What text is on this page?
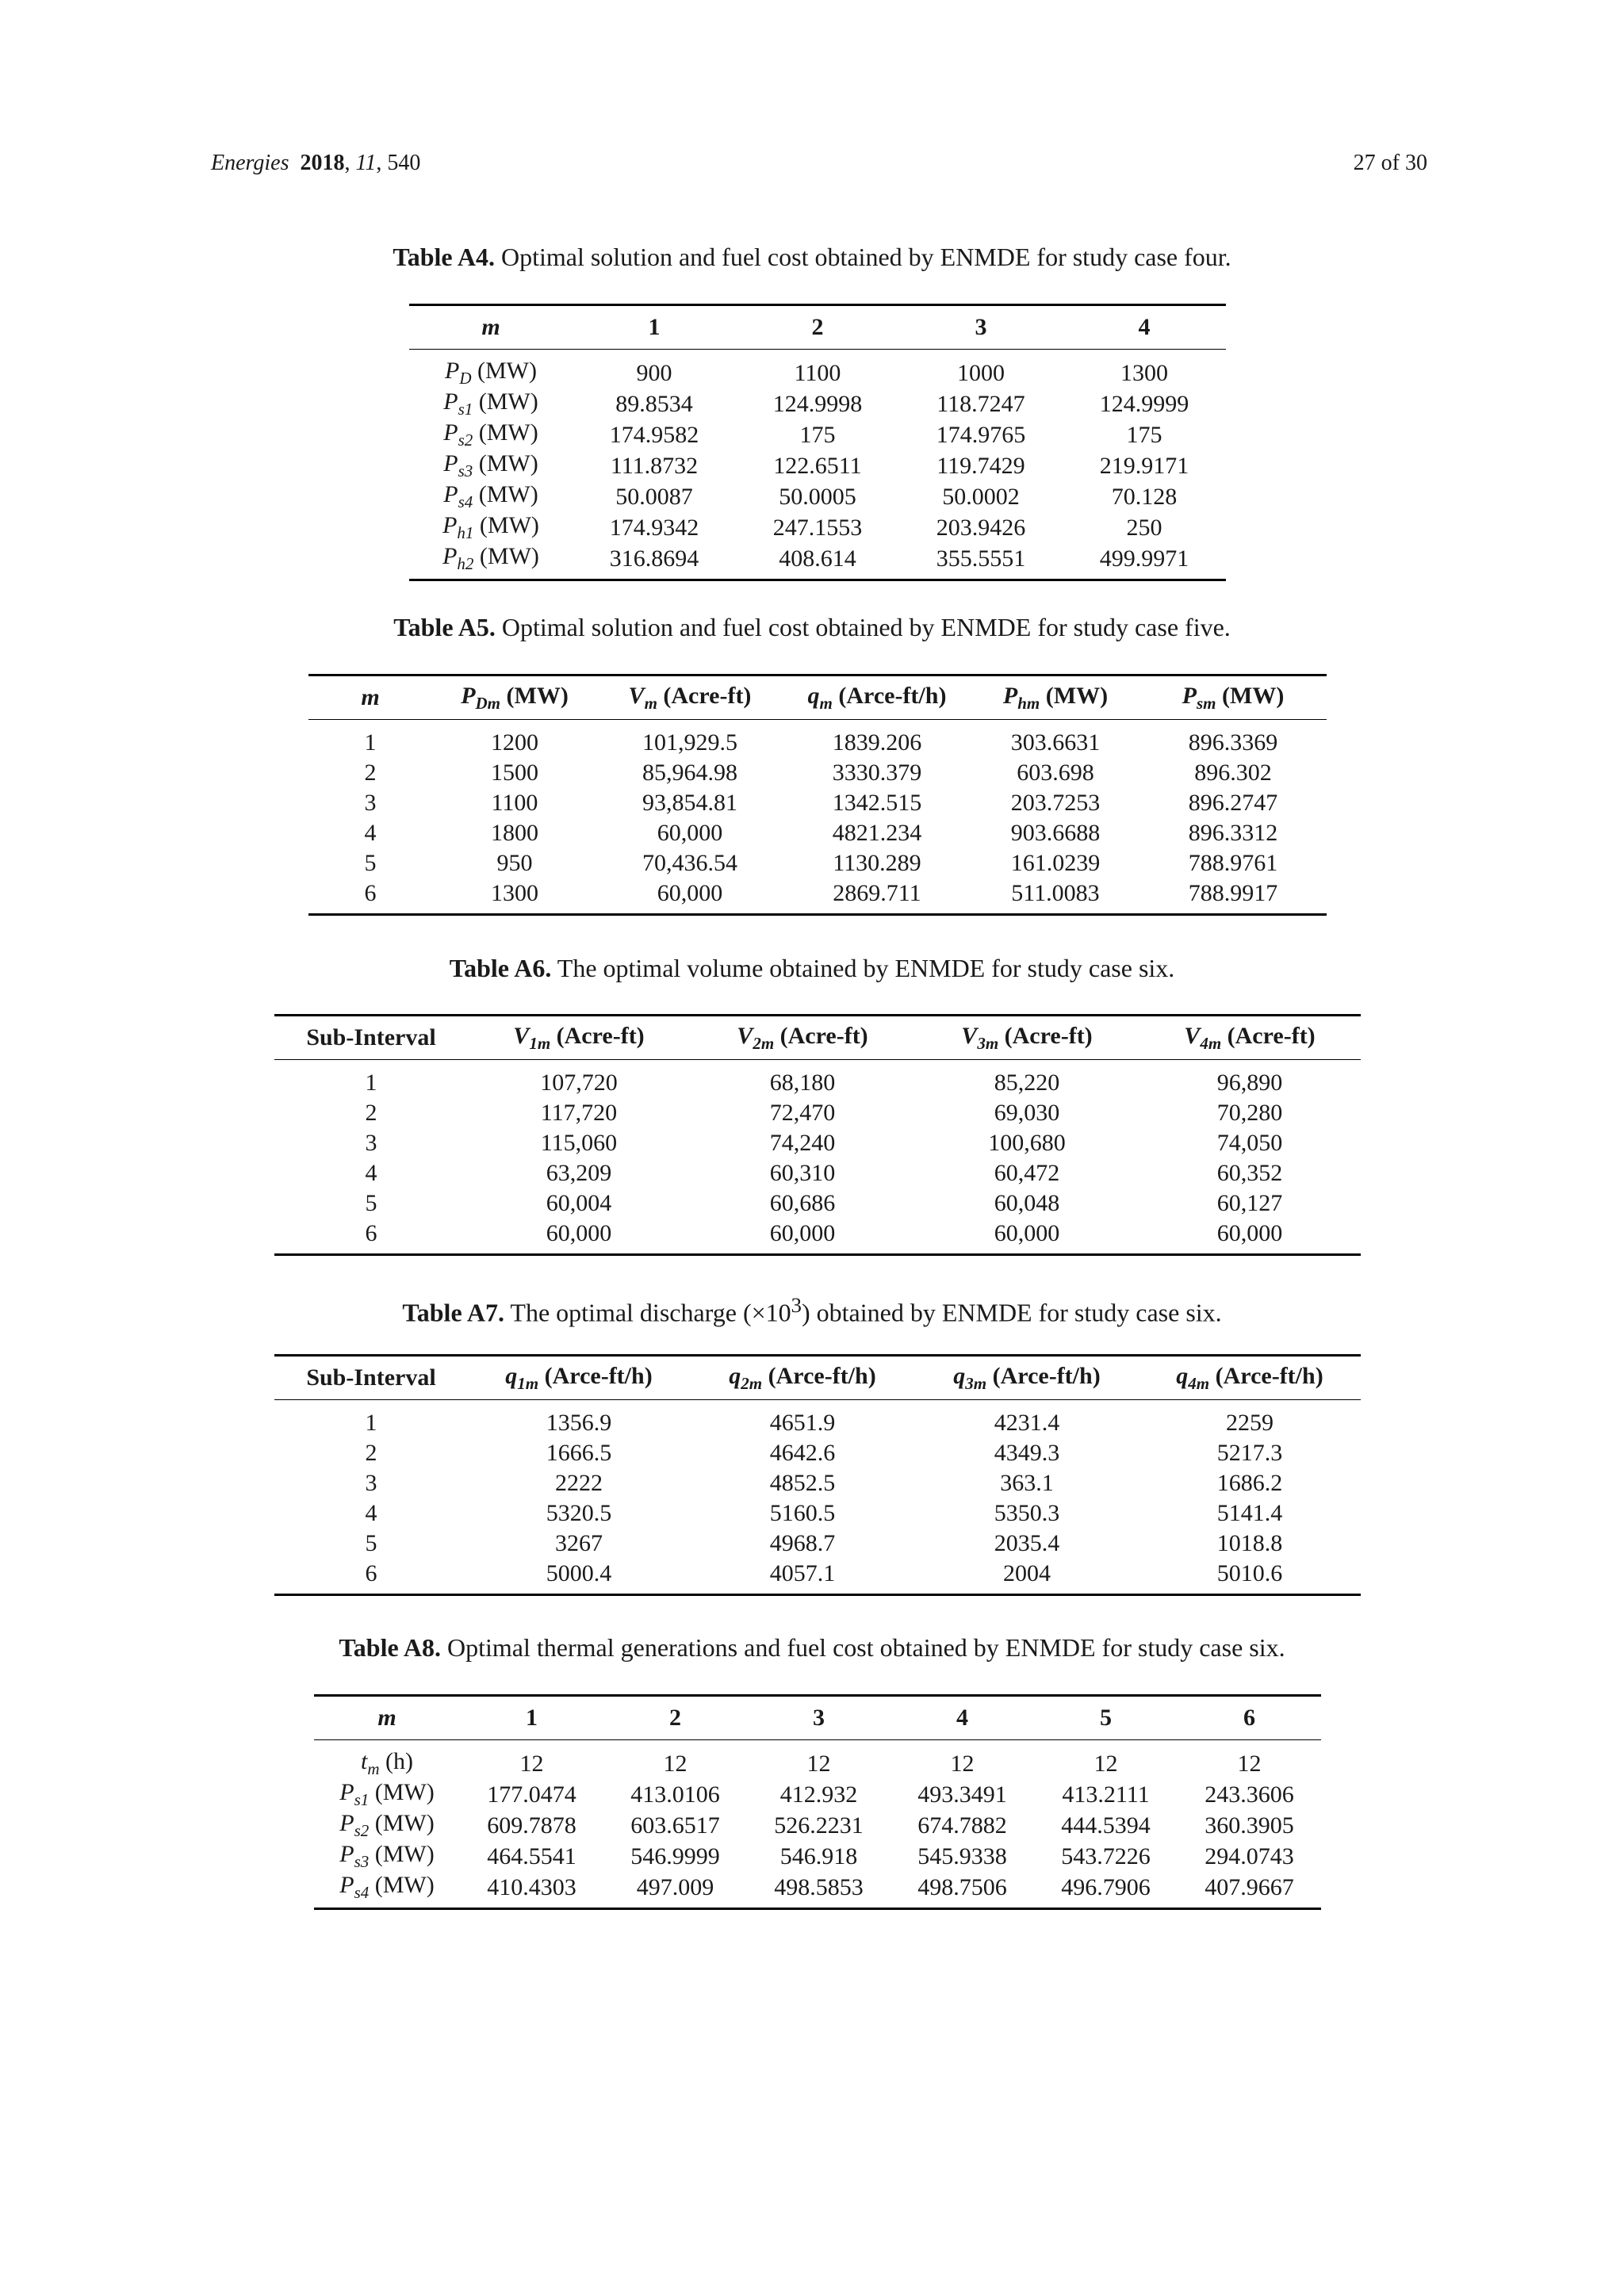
Energies 2018, 11, 540	27 of 30
Table A4. Optimal solution and fuel cost obtained by ENMDE for study case four.
m	1	2	3	4
$P_D$ (MW)	900	1100	1000	1300
$P_{s1}$ (MW)	89.8534	124.9998	118.7247	124.9999
$P_{s2}$ (MW)	174.9582	175	174.9765	175
$P_{s3}$ (MW)	111.8732	122.6511	119.7429	219.9171
$P_{s4}$ (MW)	50.0087	50.0005	50.0002	70.128
$P_{h1}$ (MW)	174.9342	247.1553	203.9426	250
$P_{h2}$ (MW)	316.8694	408.614	355.5551	499.9971
Table A5. Optimal solution and fuel cost obtained by ENMDE for study case five.
m	$P_{Dm}$ (MW)	$V_m$ (Acre-ft)	$q_m$ (Arce-ft/h)	$P_{hm}$ (MW)	$P_{sm}$ (MW)
1	1200	101,929.5	1839.206	303.6631	896.3369
2	1500	85,964.98	3330.379	603.698	896.302
3	1100	93,854.81	1342.515	203.7253	896.2747
4	1800	60,000	4821.234	903.6688	896.3312
5	950	70,436.54	1130.289	161.0239	788.9761
6	1300	60,000	2869.711	511.0083	788.9917
Table A6. The optimal volume obtained by ENMDE for study case six.
Sub-Interval	$V_{1m}$ (Acre-ft)	$V_{2m}$ (Acre-ft)	$V_{3m}$ (Acre-ft)	$V_{4m}$ (Acre-ft)
1	107,720	68,180	85,220	96,890
2	117,720	72,470	69,030	70,280
3	115,060	74,240	100,680	74,050
4	63,209	60,310	60,472	60,352
5	60,004	60,686	60,048	60,127
6	60,000	60,000	60,000	60,000
Table A7. The optimal discharge $(\times 10^3)$ obtained by ENMDE for study case six.
Sub-Interval	$q_{1m}$ (Arce-ft/h)	$q_{2m}$ (Arce-ft/h)	$q_{3m}$ (Arce-ft/h)	$q_{4m}$ (Arce-ft/h)
1	1356.9	4651.9	4231.4	2259
2	1666.5	4642.6	4349.3	5217.3
3	2222	4852.5	363.1	1686.2
4	5320.5	5160.5	5350.3	5141.4
5	3267	4968.7	2035.4	1018.8
6	5000.4	4057.1	2004	5010.6
Table A8. Optimal thermal generations and fuel cost obtained by ENMDE for study case six.
m	1	2	3	4	5	6
$t_m$ (h)	12	12	12	12	12	12
$P_{s1}$ (MW)	177.0474	413.0106	412.932	493.3491	413.2111	243.3606
$P_{s2}$ (MW)	609.7878	603.6517	526.2231	674.7882	444.5394	360.3905
$P_{s3}$ (MW)	464.5541	546.9999	546.918	545.9338	543.7226	294.0743
$P_{s4}$ (MW)	410.4303	497.009	498.5853	498.7506	496.7906	407.9667
